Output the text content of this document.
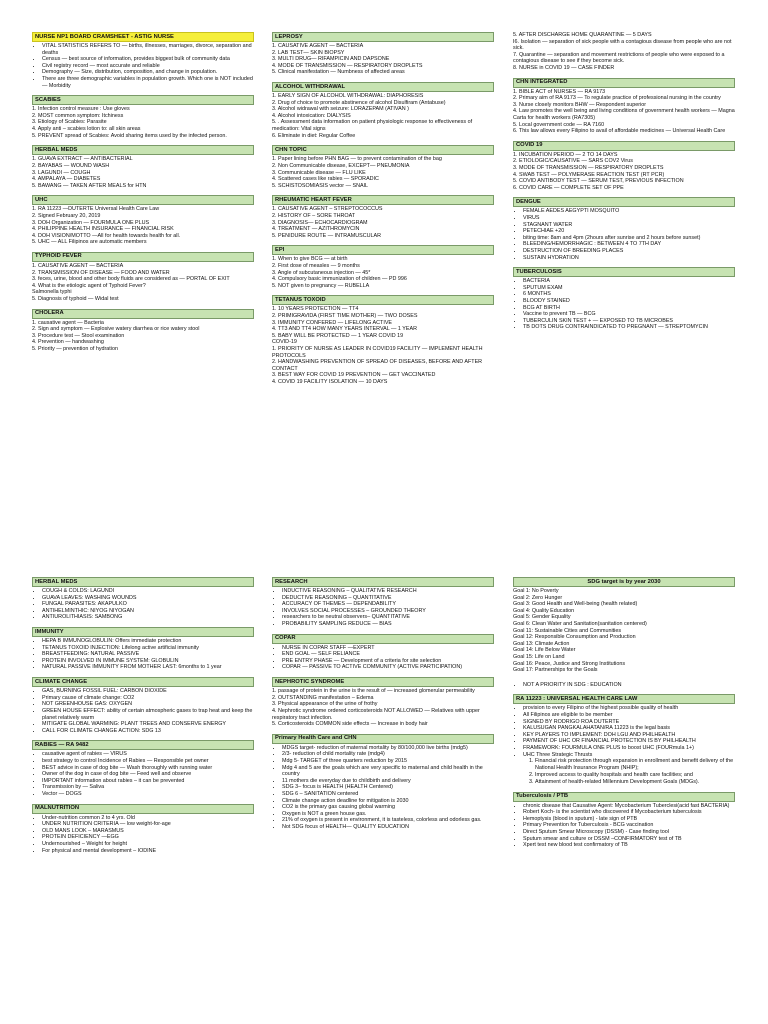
NURSE NP1 BOARD CRAMSHEET - ASTIG NURSE
• VITAL STATISTICS REFERS TO — births, illnesses, marriages, divorce, separation and deaths
• Census — best source of information, provides biggest bulk of community data
• Civil registry record — most accurate and reliable
• Demography — Size, distribution, composition, and change in population.
• There are three demographic variables in population growth. Which one is NOT included — Morbidity
SCABIES
1. Infection control measure : Use gloves
2. MOST common symptom: Itchiness
3. Etiology of Scabies: Parasite
4. Apply anti – scabies lotion to: all skin areas
5. PREVENT spread of Scabies: Avoid sharing items used by the infected person.
HERBAL MEDS
1. GUAVA EXTRACT — ANTIBACTERIAL
2. BAYABAS — WOUND WASH
3. LAGUNDI — COUGH
4. AMPALAYA — DIABETES
5. BAWANG — TAKEN AFTER MEALS for HTN
UHC
1. RA 11223 —DUTERTE Universal Health Care Law
2. Signed February 20, 2019
3. DOH Organization — FOURMULA ONE PLUS
4. PHILIPPINE HEALTH INSURANCE — FINANCIAL RISK
4. DOH VISION/MOTTO —All for health towards health for all.
5. UHC — ALL Filipinos are automatic members
TYPHOID FEVER
1. CAUSATIVE AGENT — BACTERIA
2. TRANSMISSION OF DISEASE — FOOD AND WATER
3. feces, urine, blood and other body fluids are considered as — PORTAL OF EXIT
4. What is the etiologic agent of Typhoid Fever?
Salmonella typhi
5. Diagnosis of typhoid — Widal test
CHOLERA
1. causative agent — Bacteria
2. Sign and symptom — Explosive watery diarrhea or rice watery stool
3. Procedure test — Stool examination
4. Prevention — handwashing
5. Priority — prevention of hydration
LEPROSY
1. CAUSATIVE AGENT — BACTERIA
2. LAB TEST— SKIN BIOPSY
3. MULTI DRUG— RIFAMPICIN AND DAPSONE
4. MODE OF TRANSMISSION — RESPIRATORY DROPLETS
5. Clinical manifestation — Numbness of affected areas
ALCOHOL WITHDRAWAL
1. EARLY SIGN OF ALCOHOL WITHDRAWAL: DIAPHORESIS
2. Drug of choice to promote abstinence of alcohol Disulfiram (Antabuse)
3. Alcohol widrawal with seizure: LORAZEPAM (ATIVAN )
4. Alcohol intoxication: DIALYSIS
5. . Assessment data information on patient physiologic response to effectiveness of medication: Vital signs
6. Eliminate in diet: Regular Coffee
CHN TOPIC
1. Paper lining before PHN BAG — to prevent contamination of the bag
2. Non Communicable disease, EXCEPT— PNEUMONIA
3. Communicable disease — FLU LIKE
4. Scattered cases like rabies — SPORADIC
5. SCHISTOSOMIASIS vector — SNAIL
RHEUMATIC HEART FEVER
1. CAUSATIVE AGENT – STREPTOCOCCUS
2. HISTORY OF – SORE THROAT
3. DIAGNOSIS— ECHOCARDIOGRAM
4. TREATMENT — AZITHROMYCIN
5. PENIDURE ROUTE — INTRAMUSCULAR
EPI
1. When to give BCG — at birth
2. First dose of measles — 9 months
3. Angle of subcutaneous injection — 45*
4. Compulsory basic immunization of children — PD 996
5. NOT given to pregnancy — RUBELLA
TETANUS TOXOID
1. 10 YEARS PROTECTION — TT4
2. PRIMIGRAVIDA (FIRST TIME MOTHER) — TWO DOSES
3. IMMUNITY CONFERED — LIFELONG ACTIVE
4. TT3 AND TT4 HOW MANY YEARS INTERVAL — 1 YEAR
5. BABY WILL BE PROTECTED — 1 YEAR COVID 19
COVID-19
1. PRIORITY OF NURSE AS LEADER IN COVID19 FACILITY — IMPLEMENT HEALTH PROTOCOLS
2. HANDWASHING PREVENTION OF SPREAD OF DISEASES, BEFORE AND AFTER CONTACT
3. BEST WAY FOR COVID 19 PREVENTION — GET VACCINATED
4. COVID 19 FACILITY ISOLATION — 10 DAYS
5. AFTER DISCHARGE HOME QUARANTINE — 5 DAYS
I6. Isolation — separation of sick people with a contagious disease from people who are not sick.
7. Quarantine — separation and movement restrictions of people who were exposed to a contagious disease to see if they become sick.
8. NURSE in COVID 19 — CASE FINDER
CHN INTEGRATED
1. BIBLE ACT of NURSES — RA 9173
2. Primary aim of RA 9173 — To regulate practice of professional nursing in the country
3. Nurse closely monitors BHW — Respondent superior
4. Law promotes the well being and living conditions of government health workers — Magna Carta for health workers (RA7305)
5. Local government code — RA 7160
6. This law allows every Filipino to avail of affordable medicines — Universal Health Care
COVID 19
1. INCUBATION PERIOD — 2 TO 14 DAYS
2. ETIOLOGIC/CAUSATIVE — SARS COV2 Virus
3. MODE OF TRANSMISSION — RESPIRATORY DROPLETS
4. SWAB TEST — POLYMERASE REACTION TEST (RT PCR)
5. COVID ANTIBODY TEST — SERUM TEST, PREVIOUS INFECTION
6. COVID CARE — COMPLETE SET OF PPE
DENGUE
• FEMALE AEDES AEGYPTI MOSQUITO
• VIRUS
• STAGNANT WATER
• PETECHIAE +20
• biting time: 8am and 4pm (2hours after sunrise and 2 hours before sunset)
• BLEEDING/HEMORRHAGIC : BETWEEN 4 TO 7TH DAY
• DESTRUCTION OF BREEDING PLACES
• SUSTAIN HYDRATION
TUBERCULOSIS
• BACTERIA
• SPUTUM EXAM
• 6 MONTHS
• BLOODY STAINED
• BCG AT BIRTH
• Vaccine to prevent TB — BCG
• TUBERCULIN SKIN TEST + — EXPOSED TO TB MICROBES
• TB DOTS DRUG CONTRAINDICATED TO PREGNANT — STREPTOMYCIN
HERBAL MEDS
• COUGH & COLDS: LAGUNDI
• GUAVA LEAVES: WASHING WOUNDS
• FUNGAL PARASITES: AKAPULKO
• ANTIHELMINTHIC: NIYOG NIYOGAN
• ANTIUROLITHIASIS: SAMBONG
IMMUNITY
• HEPA B IMMUNOGLOBULIN: Offers immediate protection
• TETANUS TOXOID INJECTION: Lifelong active artificial immunity
• BREASTFEEDING: NATURAL PASSIVE
• PROTEIN INVOLVED IN IMMUNE SYSTEM: GLOBULIN
• NATURAL PASSIVE IMMUNITY FROM MOTHER LAST: 6months to 1 year
CLIMATE CHANGE
• GAS, BURNING FOSSIL FUEL: CARBON DIOXIDE
• Primary cause of climate change: CO2
• NOT GREENHOUSE GAS: OXYGEN
• GREEN HOUSE EFFECT: ability of certain atmospheric gases to trap heat and keep the planet relatively warm
• MITIGATE GLOBAL WARMING: PLANT TREES AND CONSERVE ENERGY
• CALL FOR CLIMATE CHANGE ACTION: SDG 13
RABIES — RA 9482
• causative agent of rabies — VIRUS
• best strategy to control Incidence of Rabies — Responsible pet owner
• BEST advice in case of dog bite — Wash thoroughly with running water
• Owner of the dog in case of dog bite — Feed well and observe
• IMPORTANT information about rabies – it can be prevented
• Transmission by — Saliva
• Vector — DOGS
MALNUTRITION
• Under-nutrition common 2 to 4 yrs. Old
• UNDER NUTRITION CRITERIA — low weight-for-age
• OLD MANS LOOK – MARASMUS
• PROTEIN DEFICIENCY —EGG
• Undernourished – Weight for height
• For physical and mental development – IODINE
RESEARCH
• INDUCTIVE REASONING – QUALITATIVE RESEARCH
• DEDUCTIVE REASONING – QUANTITATIVE
• ACCURACY OF THEMES — DEPENDABILITY
• INVOLVES SOCIAL PROCESSES – GROUNDED THEORY
• researchers to be neutral observers– QUANTITATIVE
• PROBABILITY SAMPLING REDUCE — BIAS
COPAR
• NURSE IN COPAR STAFF —EXPERT
• END GOAL — SELF RELIANCE
• PRE ENTRY PHASE — Development of a criteria for site selection
• COPAR — PASSIVE TO ACTIVE COMMUNITY (ACTIVE PARTICIPATION)
NEPHROTIC SYNDROME
1. passage of protein in the urine is the result of — increased glomerular permeability
2. OUTSTANDING manifestation – Edema
3. Physical appearance of the urine of frothy
4. Nephrotic syndrome ordered corticosteroids NOT ALLOWED — Relatives with upper respiratory tract infection.
5. Corticosteroids COMMON side effects — Increase in body hair
Primary Health Care and CHN
• MDGS target- reduction of maternal mortality by 80/100,000 live births (mdg5)
• 2/3- reduction of child mortality rate (mdg4)
• Mdg 5- TARGET of three quarters reduction by 2015
• Mdg 4 and 5 are the goals which are very specific to maternal and child health in the country
• 11 mothers die everyday due to childbirth and delivery
• SDG 3– focus is HEALTH (HEALTH Centered)
• SDG 6 – SANITATION centered
• Climate change action deadline for mitigation is 2030
• CO2 is the primary gas causing global warming
• Oxygen is NOT a green house gas.
• 21% of oxygen is present in environment, it is tasteless, colorless and odorless gas.
• Not SDG focus of HEALTH— QUALITY EDUCATION
SDG target is by year 2030
Goal 1: No Poverty
Goal 2: Zero Hunger
Goal 3: Good Health and Well-being (health related)
Goal 4: Quality Education
Goal 5: Gender Equality
Goal 6: Clean Water and Sanitation(sanitation centered)
Goal 11: Sustainable Cities and Communities
Goal 12: Responsible Consumption and Production
Goal 13: Climate Action
Goal 14: Life Below Water
Goal 15: Life on Land
Goal 16: Peace, Justice and Strong Institutions
Goal 17: Partnerships for the Goals
• NOT A PRIORITY IN SDG : EDUCATION
RA 11223 : UNIVERSAL HEALTH CARE LAW
• provision to every Filipino of the highest possible quality of health
• All Filipinos are eligible to be member
• SIGNED BY RODRIGO ROA DUTERTE
• KALUSUGAN PANGKALAHATAN/RA 11223 is the legal basis
• KEY PLAYERS TO IMPLEMENT: DOH LGU AND PHILHEALTH
• PAYMENT OF UHC OR FINANCIAL PROTECTION IS BY PHILHEALTH
• FRAMEWORK: FOURMULA ONE PLUS to boost UHC (FOURmula 1+)
• UHC Three Strategic Thrusts
1. Financial risk protection through expansion in enrollment and benefit delivery of the National Health Insurance Program (NHIP);
2. Improved access to quality hospitals and health care facilities; and
3. Attainment of health-related Millennium Development Goals (MDGs).
Tuberculosis / PTB
• chronic disease that Causative Agent: Mycobacterium Tuberclesi(acid fast BACTERIA)
• Robert Koch- is the scientist who discovered if Mycobacterium tuberculosis
• Hemoptysis (blood in sputum) - late sign of PTB
• Primary Prevention for Tuberculosis - BCG vaccination
• Direct Sputum Smear Microscopy (DSSM) - Case finding tool
• Sputum smear and culture or DSSM –CONFIRMATORY test of TB
• Xpert test new blood test confirmatory of TB
